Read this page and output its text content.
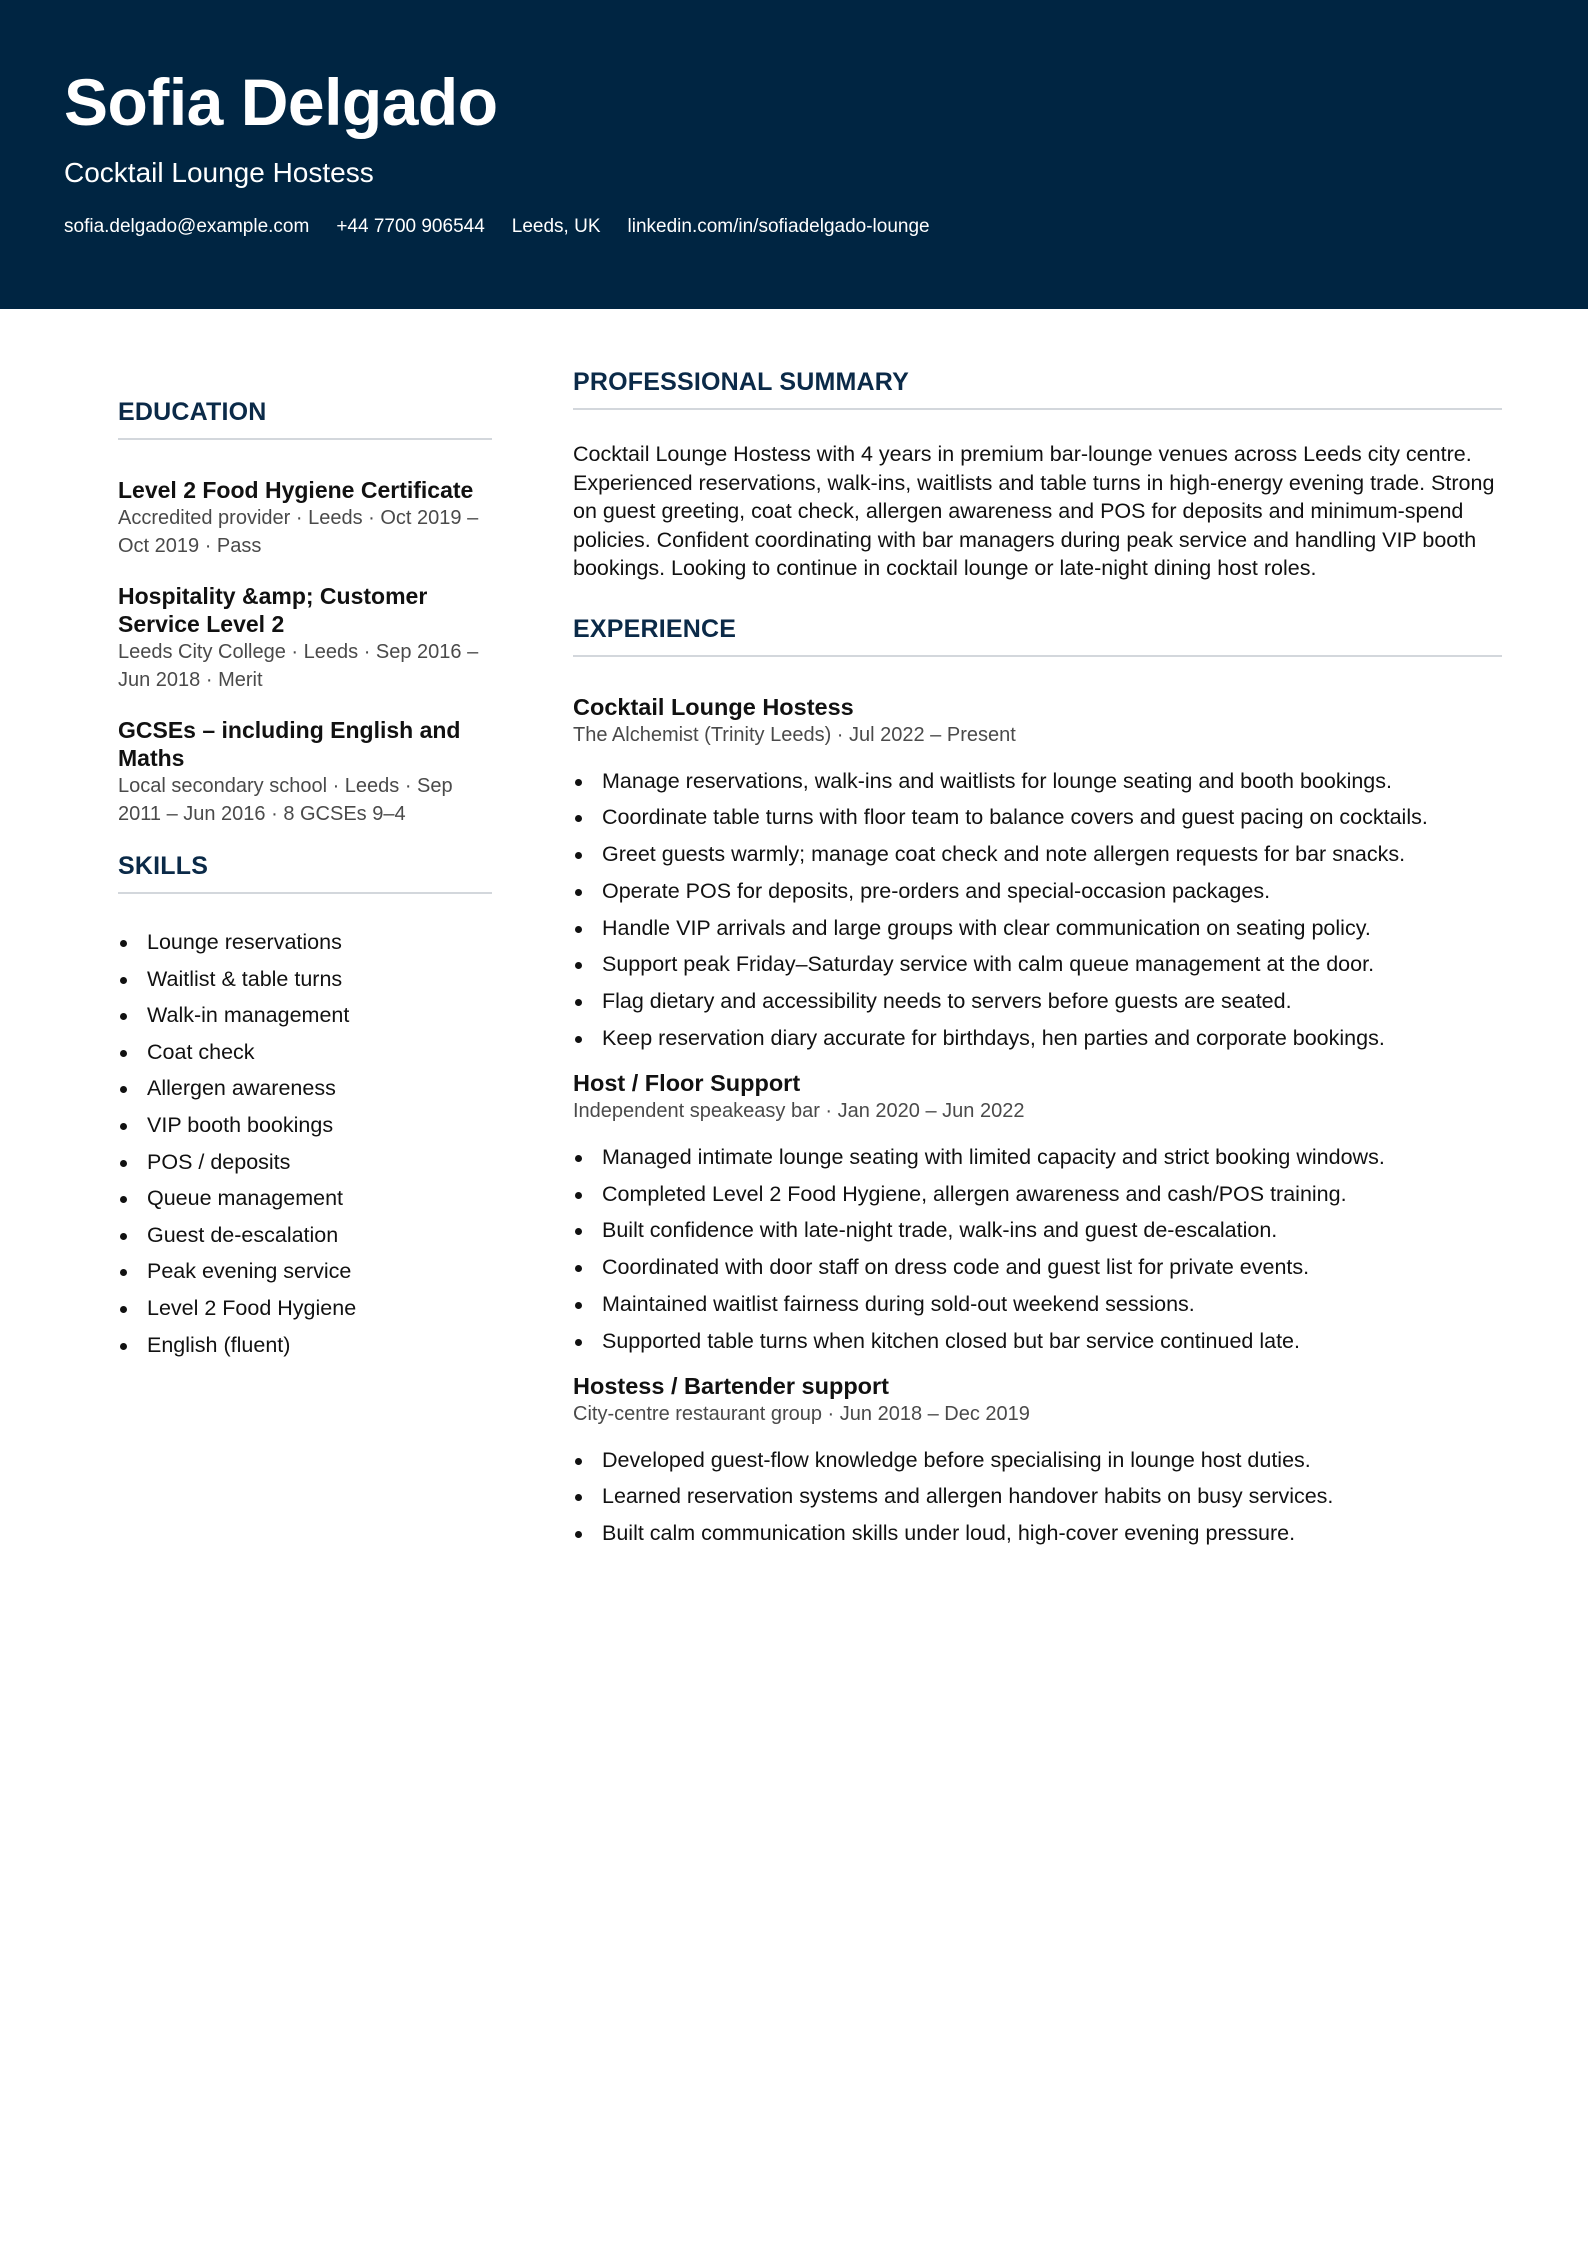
Sofia Delgado
Cocktail Lounge Hostess
sofia.delgado@example.com +44 7700 906544 Leeds, UK linkedin.com/in/sofiadelgado-lounge
EDUCATION
Level 2 Food Hygiene Certificate
Accredited provider · Leeds · Oct 2019 – Oct 2019 · Pass
Hospitality &amp; Customer Service Level 2
Leeds City College · Leeds · Sep 2016 – Jun 2018 · Merit
GCSEs – including English and Maths
Local secondary school · Leeds · Sep 2011 – Jun 2016 · 8 GCSEs 9–4
SKILLS
Lounge reservations
Waitlist & table turns
Walk-in management
Coat check
Allergen awareness
VIP booth bookings
POS / deposits
Queue management
Guest de-escalation
Peak evening service
Level 2 Food Hygiene
English (fluent)
PROFESSIONAL SUMMARY

Cocktail Lounge Hostess with 4 years in premium bar-lounge venues across Leeds city centre. Experienced reservations, walk-ins, waitlists and table turns in high-energy evening trade. Strong on guest greeting, coat check, allergen awareness and POS for deposits and minimum-spend policies. Confident coordinating with bar managers during peak service and handling VIP booth bookings. Looking to continue in cocktail lounge or late-night dining host roles.

EXPERIENCE
Cocktail Lounge Hostess
The Alchemist (Trinity Leeds) · Jul 2022 – Present
Manage reservations, walk-ins and waitlists for lounge seating and booth bookings.
Coordinate table turns with floor team to balance covers and guest pacing on cocktails.
Greet guests warmly; manage coat check and note allergen requests for bar snacks.
Operate POS for deposits, pre-orders and special-occasion packages.
Handle VIP arrivals and large groups with clear communication on seating policy.
Support peak Friday–Saturday service with calm queue management at the door.
Flag dietary and accessibility needs to servers before guests are seated.
Keep reservation diary accurate for birthdays, hen parties and corporate bookings.
Host / Floor Support
Independent speakeasy bar · Jan 2020 – Jun 2022
Managed intimate lounge seating with limited capacity and strict booking windows.
Completed Level 2 Food Hygiene, allergen awareness and cash/POS training.
Built confidence with late-night trade, walk-ins and guest de-escalation.
Coordinated with door staff on dress code and guest list for private events.
Maintained waitlist fairness during sold-out weekend sessions.
Supported table turns when kitchen closed but bar service continued late.
Hostess / Bartender support
City-centre restaurant group · Jun 2018 – Dec 2019
Developed guest-flow knowledge before specialising in lounge host duties.
Learned reservation systems and allergen handover habits on busy services.
Built calm communication skills under loud, high-cover evening pressure.
